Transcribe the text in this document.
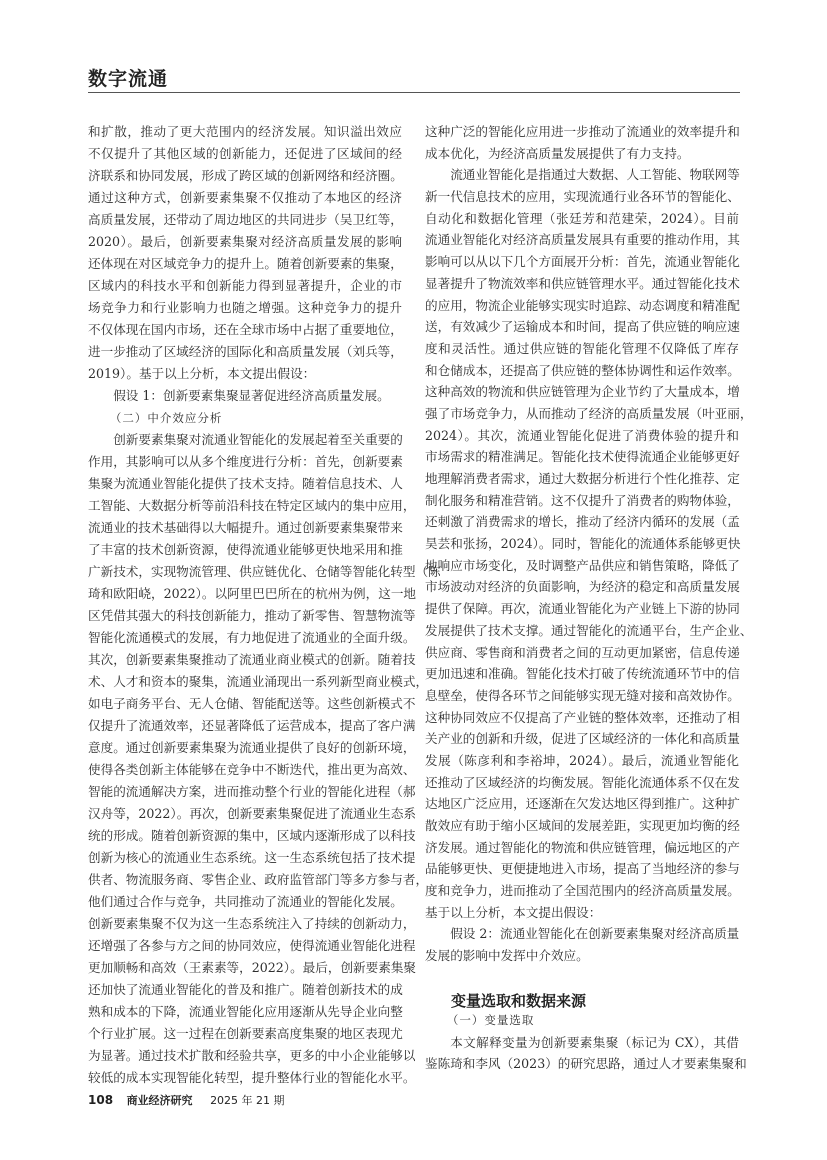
数字流通
和扩散，推动了更大范围内的经济发展。知识溢出效应
不仅提升了其他区域的创新能力，还促进了区域间的经
济联系和协同发展，形成了跨区域的创新网络和经济圈。
通过这种方式，创新要素集聚不仅推动了本地区的经济
高质量发展，还带动了周边地区的共同进步（吴卫红等，
2020）。最后，创新要素集聚对经济高质量发展的影响
还体现在对区域竞争力的提升上。随着创新要素的集聚，
区域内的科技水平和创新能力得到显著提升，企业的市
场竞争力和行业影响力也随之增强。这种竞争力的提升
不仅体现在国内市场，还在全球市场中占据了重要地位，
进一步推动了区域经济的国际化和高质量发展（刘兵等，
2019）。基于以上分析，本文提出假设：
假设 1：创新要素集聚显著促进经济高质量发展。
（二）中介效应分析
创新要素集聚对流通业智能化的发展起着至关重要的
作用，其影响可以从多个维度进行分析：首先，创新要素
集聚为流通业智能化提供了技术支持。随着信息技术、人
工智能、大数据分析等前沿科技在特定区域内的集中应用，
流通业的技术基础得以大幅提升。通过创新要素集聚带来
了丰富的技术创新资源，使得流通业能够更快地采用和推
广新技术，实现物流管理、供应链优化、仓储等智能化转型（陈
琦和欧阳峣，2022）。以阿里巴巴所在的杭州为例，这一地
区凭借其强大的科技创新能力，推动了新零售、智慧物流等
智能化流通模式的发展，有力地促进了流通业的全面升级。
其次，创新要素集聚推动了流通业商业模式的创新。随着技
术、人才和资本的聚集，流通业涌现出一系列新型商业模式，
如电子商务平台、无人仓储、智能配送等。这些创新模式不
仅提升了流通效率，还显著降低了运营成本，提高了客户满
意度。通过创新要素集聚为流通业提供了良好的创新环境，
使得各类创新主体能够在竞争中不断迭代，推出更为高效、
智能的流通解决方案，进而推动整个行业的智能化进程（郝
汉舟等，2022）。再次，创新要素集聚促进了流通业生态系
统的形成。随着创新资源的集中，区域内逐渐形成了以科技
创新为核心的流通业生态系统。这一生态系统包括了技术提
供者、物流服务商、零售企业、政府监管部门等多方参与者，
他们通过合作与竞争，共同推动了流通业的智能化发展。
创新要素集聚不仅为这一生态系统注入了持续的创新动力，
还增强了各参与方之间的协同效应，使得流通业智能化进程
更加顺畅和高效（王素素等，2022）。最后，创新要素集聚
还加快了流通业智能化的普及和推广。随着创新技术的成
熟和成本的下降，流通业智能化应用逐渐从先导企业向整
个行业扩展。这一过程在创新要素高度集聚的地区表现尤
为显著。通过技术扩散和经验共享，更多的中小企业能够以
较低的成本实现智能化转型，提升整体行业的智能化水平。
这种广泛的智能化应用进一步推动了流通业的效率提升和
成本优化，为经济高质量发展提供了有力支持。
流通业智能化是指通过大数据、人工智能、物联网等
新一代信息技术的应用，实现流通行业各环节的智能化、
自动化和数据化管理（张廷芳和范建荣，2024）。目前
流通业智能化对经济高质量发展具有重要的推动作用，其
影响可以从以下几个方面展开分析：首先，流通业智能化
显著提升了物流效率和供应链管理水平。通过智能化技术
的应用，物流企业能够实现实时追踪、动态调度和精准配
送，有效减少了运输成本和时间，提高了供应链的响应速
度和灵活性。通过供应链的智能化管理不仅降低了库存
和仓储成本，还提高了供应链的整体协调性和运作效率。
这种高效的物流和供应链管理为企业节约了大量成本，增
强了市场竞争力，从而推动了经济的高质量发展（叶亚丽，
2024）。其次，流通业智能化促进了消费体验的提升和
市场需求的精准满足。智能化技术使得流通企业能够更好
地理解消费者需求，通过大数据分析进行个性化推荐、定
制化服务和精准营销。这不仅提升了消费者的购物体验，
还刺激了消费需求的增长，推动了经济内循环的发展（孟
昊芸和张扬，2024）。同时，智能化的流通体系能够更快
地响应市场变化，及时调整产品供应和销售策略，降低了
市场波动对经济的负面影响，为经济的稳定和高质量发展
提供了保障。再次，流通业智能化为产业链上下游的协同
发展提供了技术支撑。通过智能化的流通平台，生产企业、
供应商、零售商和消费者之间的互动更加紧密，信息传递
更加迅速和准确。智能化技术打破了传统流通环节中的信
息壁垒，使得各环节之间能够实现无缝对接和高效协作。
这种协同效应不仅提高了产业链的整体效率，还推动了相
关产业的创新和升级，促进了区域经济的一体化和高质量
发展（陈彦利和李裕坤，2024）。最后，流通业智能化
还推动了区域经济的均衡发展。智能化流通体系不仅在发
达地区广泛应用，还逐渐在欠发达地区得到推广。这种扩
散效应有助于缩小区域间的发展差距，实现更加均衡的经
济发展。通过智能化的物流和供应链管理，偏远地区的产
品能够更快、更便捷地进入市场，提高了当地经济的参与
度和竞争力，进而推动了全国范围内的经济高质量发展。
基于以上分析，本文提出假设：
假设 2：流通业智能化在创新要素集聚对经济高质量
发展的影响中发挥中介效应。
变量选取和数据来源
（一）变量选取
本文解释变量为创新要素集聚（标记为 CX），其借
鉴陈琦和李风（2023）的研究思路，通过人才要素集聚和
108 商业经济研究 2025 年 21 期
